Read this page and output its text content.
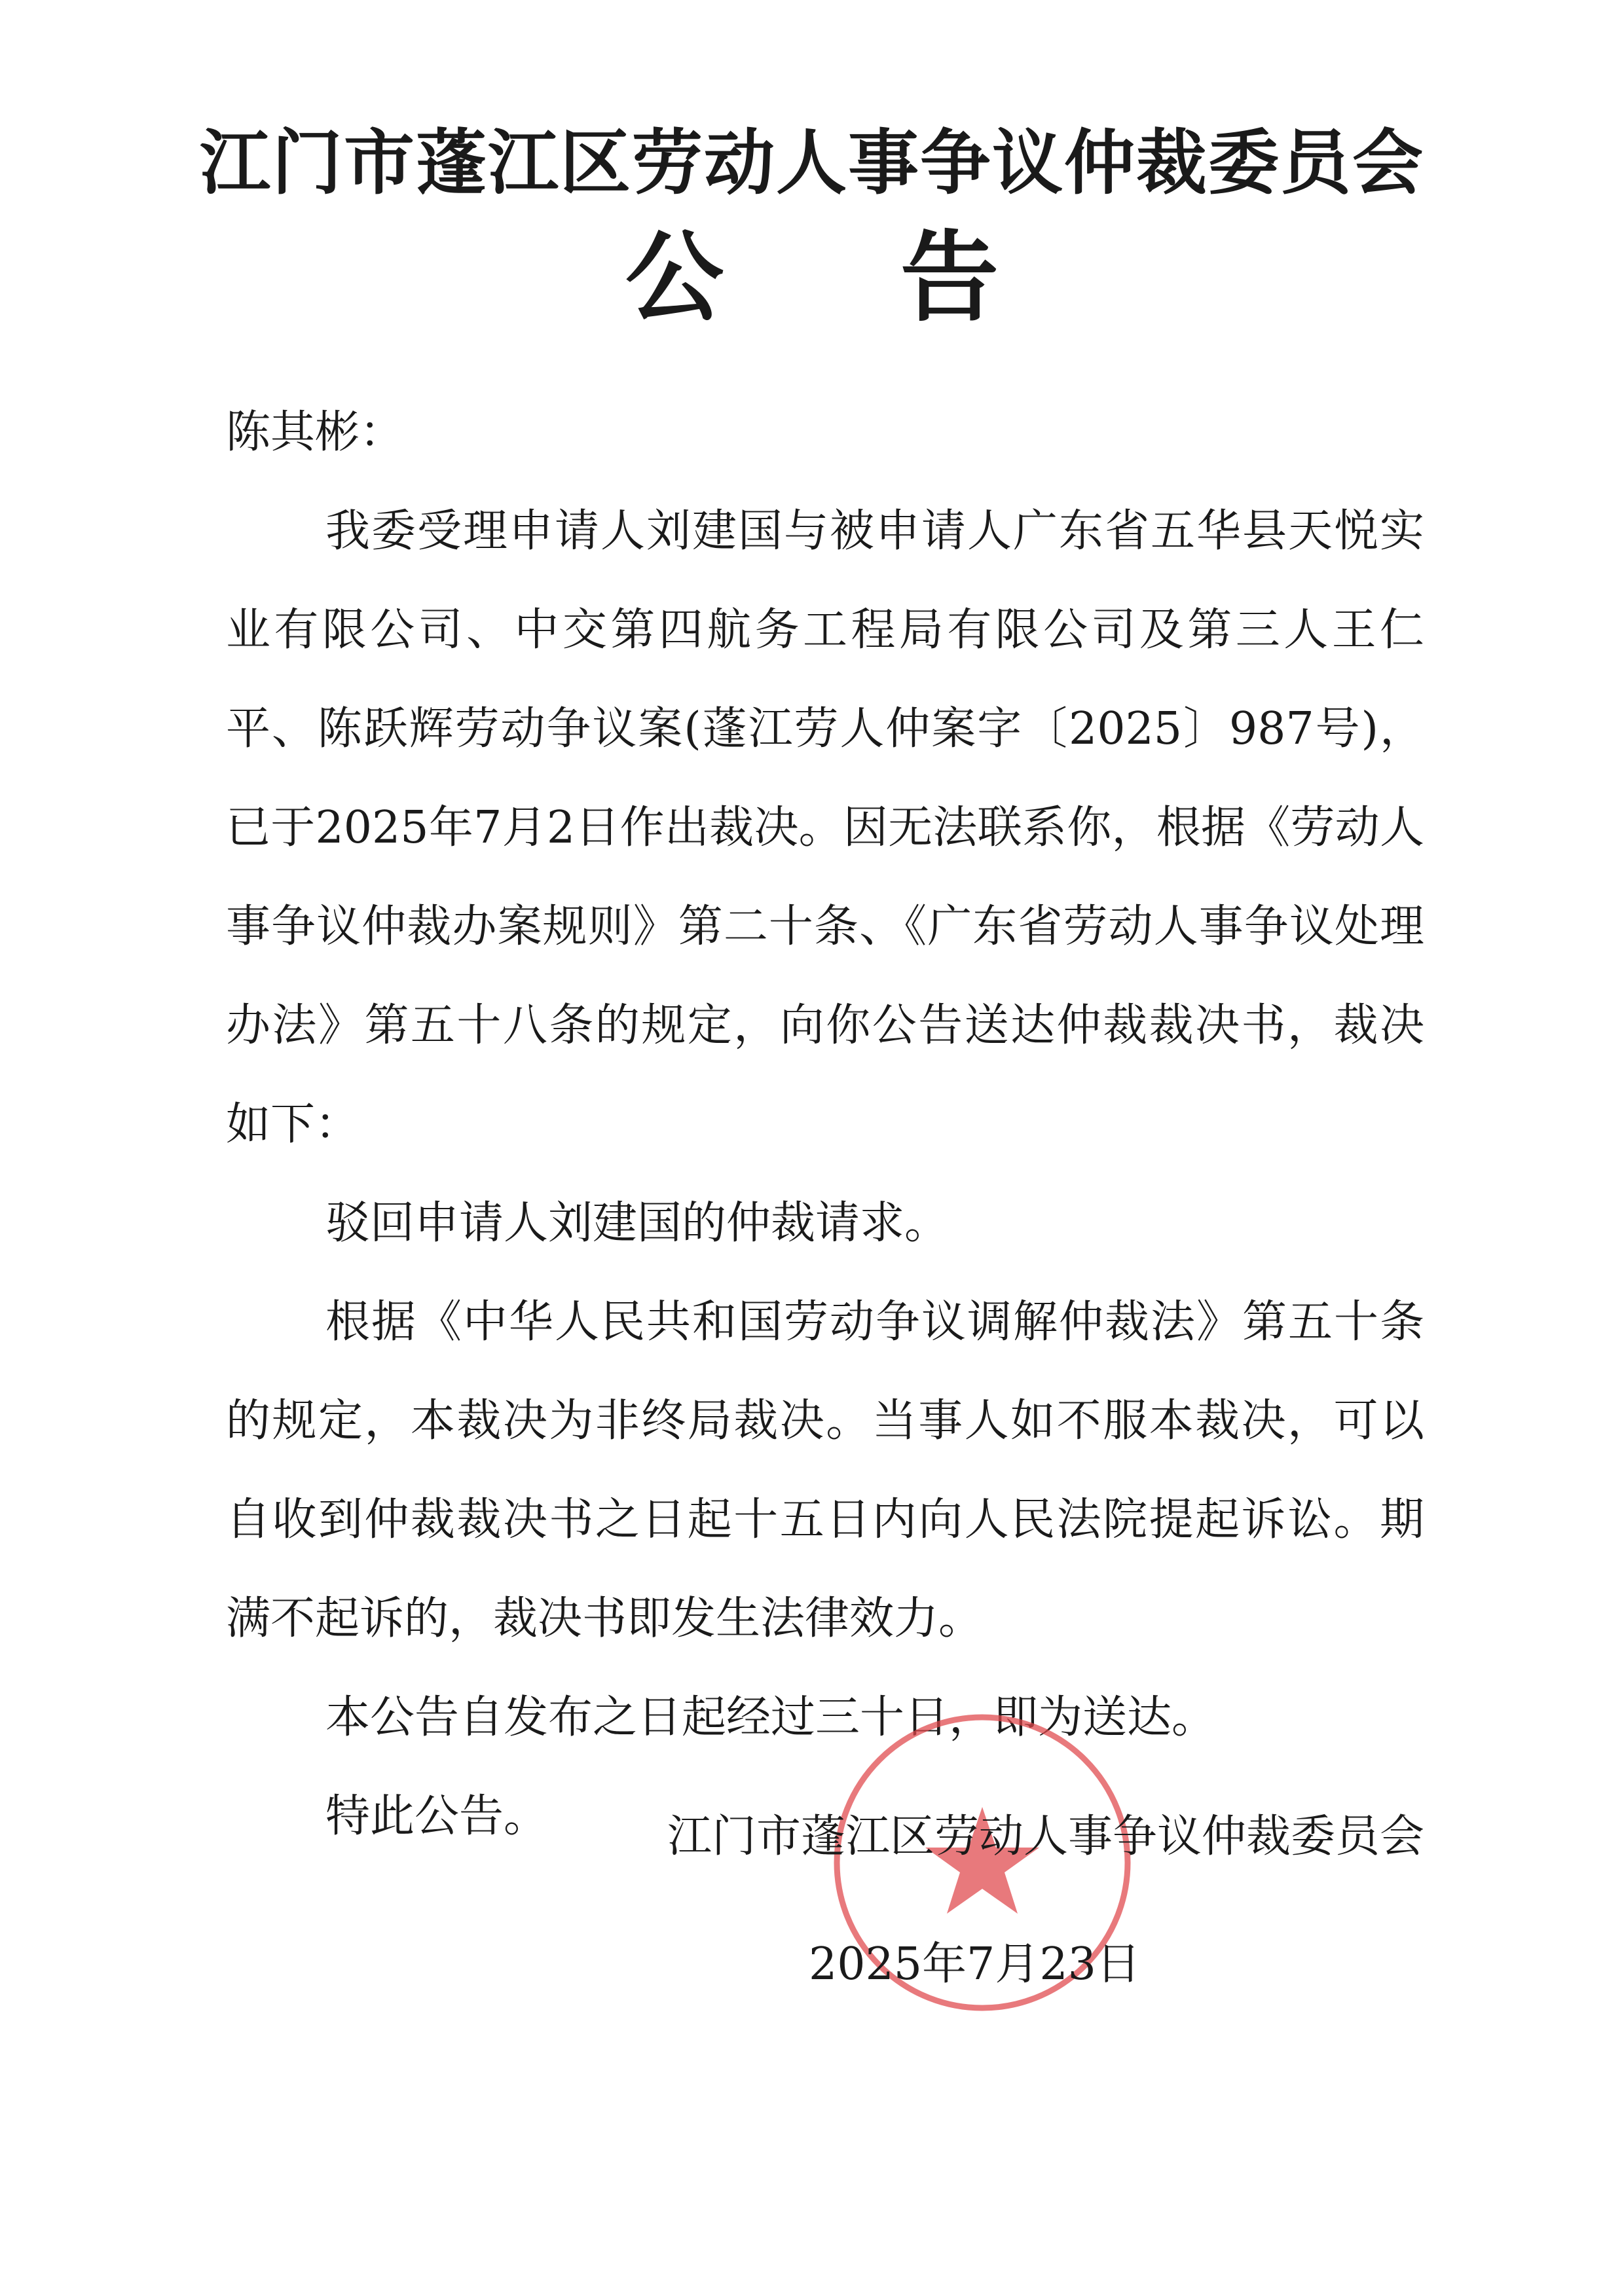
江门市蓬江区劳动人事争议仲裁委员会
公告

陈其彬：

我委受理申请人刘建国与被申请人广东省五华县天悦实业有限公司、中交第四航务工程局有限公司及第三人王仁平、陈跃辉劳动争议案(蓬江劳人仲案字〔2025〕987号)，已于2025年7月2日作出裁决。因无法联系你，根据《劳动人事争议仲裁办案规则》第二十条、《广东省劳动人事争议处理办法》第五十八条的规定，向你公告送达仲裁裁决书，裁决如下：

驳回申请人刘建国的仲裁请求。

根据《中华人民共和国劳动争议调解仲裁法》第五十条的规定，本裁决为非终局裁决。当事人如不服本裁决，可以自收到仲裁裁决书之日起十五日内向人民法院提起诉讼。期满不起诉的，裁决书即发生法律效力。

本公告自发布之日起经过三十日，即为送达。

特此公告。	江门市蓬江区劳动人事争议仲裁委员会
2025年7月23日
